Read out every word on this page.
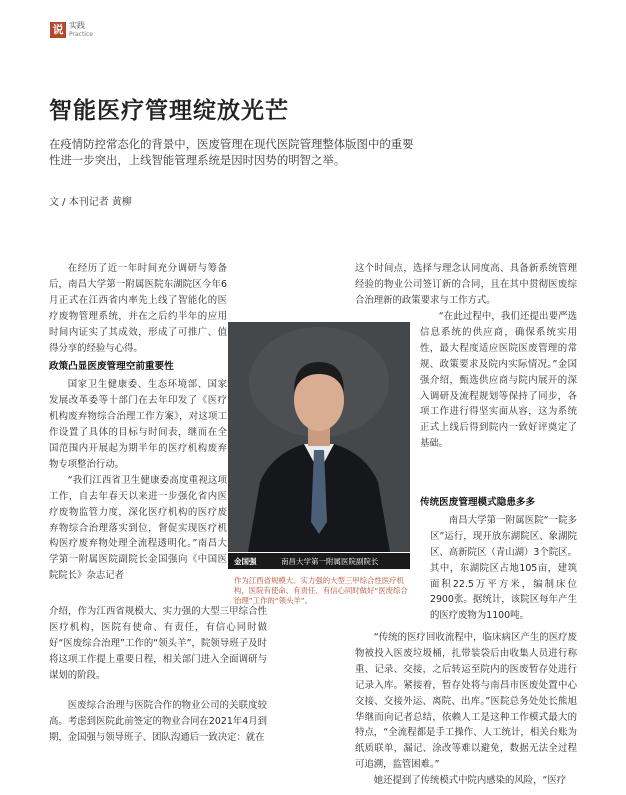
说 实践
Practice
智能医疗管理绽放光芒
在疫情防控常态化的背景中，医废管理在现代医院管理整体版图中的重要性进一步突出，上线智能管理系统是因时因势的明智之举。
文 / 本刊记者 黄柳

在经历了近一年时间充分调研与筹备后，南昌大学第一附属医院东湖院区今年6月正式在江西省内率先上线了智能化的医疗废物管理系统，并在之后约半年的应用时间内证实了其成效，形成了可推广、值得分享的经验与心得。

政策凸显医废管理空前重要性

国家卫生健康委、生态环境部、国家发展改革委等十部门在去年印发了《医疗机构废弃物综合治理工作方案》，对这项工作设置了具体的目标与时间表，继而在全国范围内开展起为期半年的医疗机构废弃物专项整治行动。

“我们江西省卫生健康委高度重视这项工作，自去年春天以来进一步强化省内医疗废物监管力度，深化医疗机构的医疗废弃物综合治理落实到位，督促实现医疗机构医疗废弃物处理全流程透明化。”南昌大学第一附属医院副院长金国强向《中国医院院长》杂志记者

介绍，作为江西省规模大、实力强的大型三甲综合性医疗机构，医院有使命、有责任，有信心同时做好“医废综合治理”工作的“领头羊”，院领导班子及时将这项工作提上重要日程，相关部门进入全面调研与谋划的阶段。

医废综合治理与医院合作的物业公司的关联度较高。考虑到医院此前签定的物业合同在2021年4月到期，金国强与领导班子、团队沟通后一致决定：就在

这个时间点，选择与理念认同度高、具备新系统管理经验的物业公司签订新的合同，且在其中贯彻医废综合治理新的政策要求与工作方式。

“在此过程中，我们还提出要严选信息系统的供应商，确保系统实用性，最大程度适应医院医废管理的常规、政策要求及院内实际情况。”金国强介绍，甄选供应商与院内展开的深入调研及流程规划等保持了同步，各项工作进行得坚实面从容，这为系统正式上线后得到院内一致好评奠定了基础。

传统医废管理模式隐患多多

南昌大学第一附属医院“一院多区”运行，现开放东湖院区、象湖院区、高新院区（青山湖）3个院区。其中，东湖院区占地105亩，建筑面积22.5万平方米，编制床位2900张。据统计，该院区每年产生的医疗废物为1100吨。

“传统的医疗回收流程中，临床病区产生的医疗废物被投入医废垃圾桶，扎带装袋后由收集人员进行称重、记录、交接，之后转运至院内的医废暂存处进行记录入库。紧接着，暂存处将与南昌市医废处置中心交接、交接外运、离院、出库。”医院总务处处长熊旭华继而向记者总结，依赖人工是这种工作模式最大的特点，“全流程都是手工操作、人工统计，相关台账为纸质联单，漏记、涂改等难以避免，数据无法全过程可追溯，监管困难。”

她还提到了传统模式中院内感染的风险，“医疗

金国强	南昌大学第一附属医院副院长
作为江西省规模大、实力强的大型三甲综合性医疗机构，医院有使命、有责任、有信心同时做好“医废综合治理”工作的“领头羊”。
